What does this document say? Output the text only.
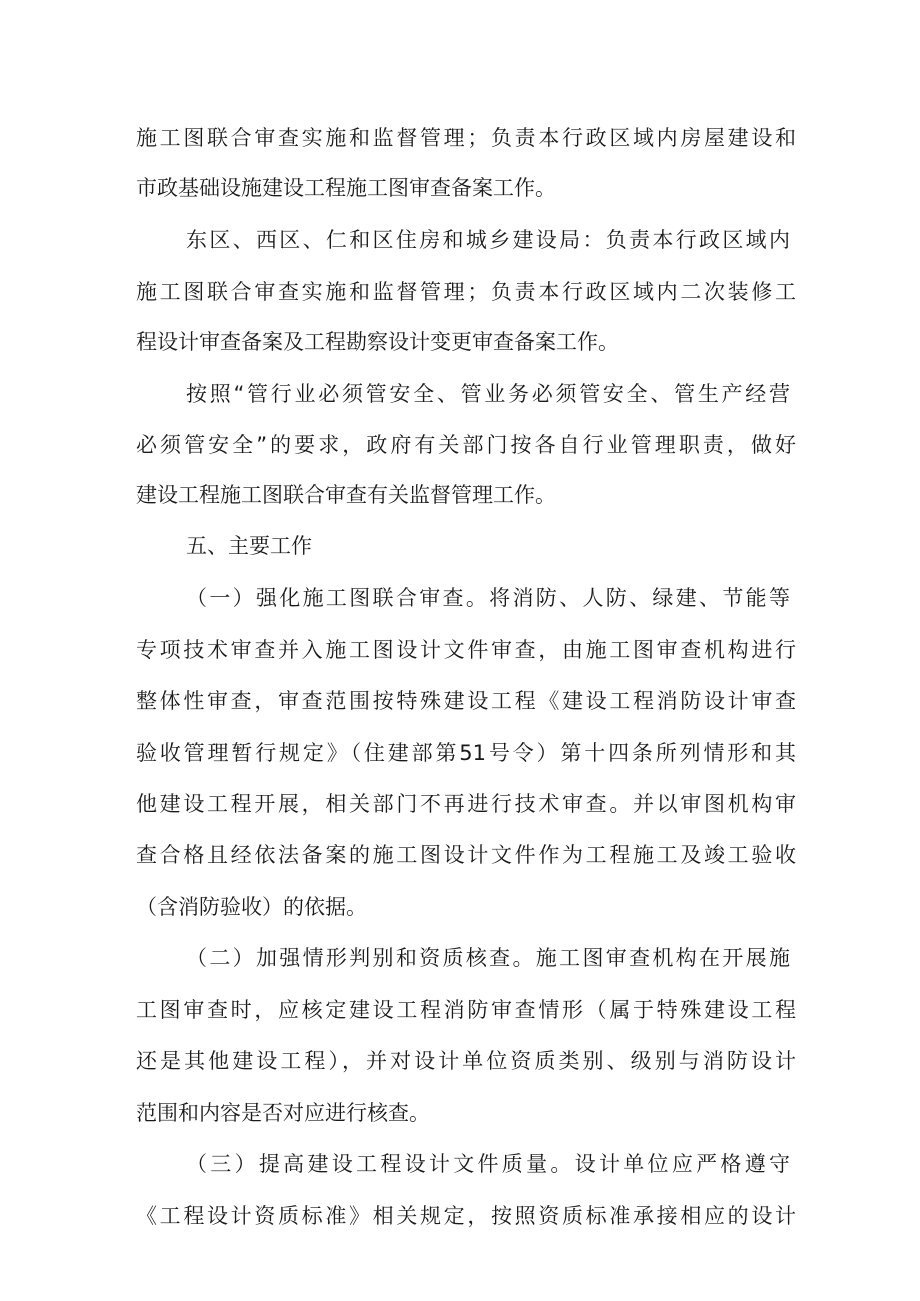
施工图联合审查实施和监督管理；负责本行政区域内房屋建设和
市政基础设施建设工程施工图审查备案工作。
东区、西区、仁和区住房和城乡建设局：负责本行政区域内
施工图联合审查实施和监督管理；负责本行政区域内二次装修工
程设计审查备案及工程勘察设计变更审查备案工作。
按照“管行业必须管安全、管业务必须管安全、管生产经营
必须管安全”的要求，政府有关部门按各自行业管理职责，做好
建设工程施工图联合审查有关监督管理工作。
五、主要工作
（一）强化施工图联合审查。将消防、人防、绿建、节能等
专项技术审查并入施工图设计文件审查，由施工图审查机构进行
整体性审查，审查范围按特殊建设工程《建设工程消防设计审查
验收管理暂行规定》（住建部第51号令）第十四条所列情形和其
他建设工程开展，相关部门不再进行技术审查。并以审图机构审
查合格且经依法备案的施工图设计文件作为工程施工及竣工验收
（含消防验收）的依据。
（二）加强情形判别和资质核查。施工图审查机构在开展施
工图审查时，应核定建设工程消防审查情形（属于特殊建设工程
还是其他建设工程），并对设计单位资质类别、级别与消防设计
范围和内容是否对应进行核查。
（三）提高建设工程设计文件质量。设计单位应严格遵守
《工程设计资质标准》相关规定，按照资质标准承接相应的设计
